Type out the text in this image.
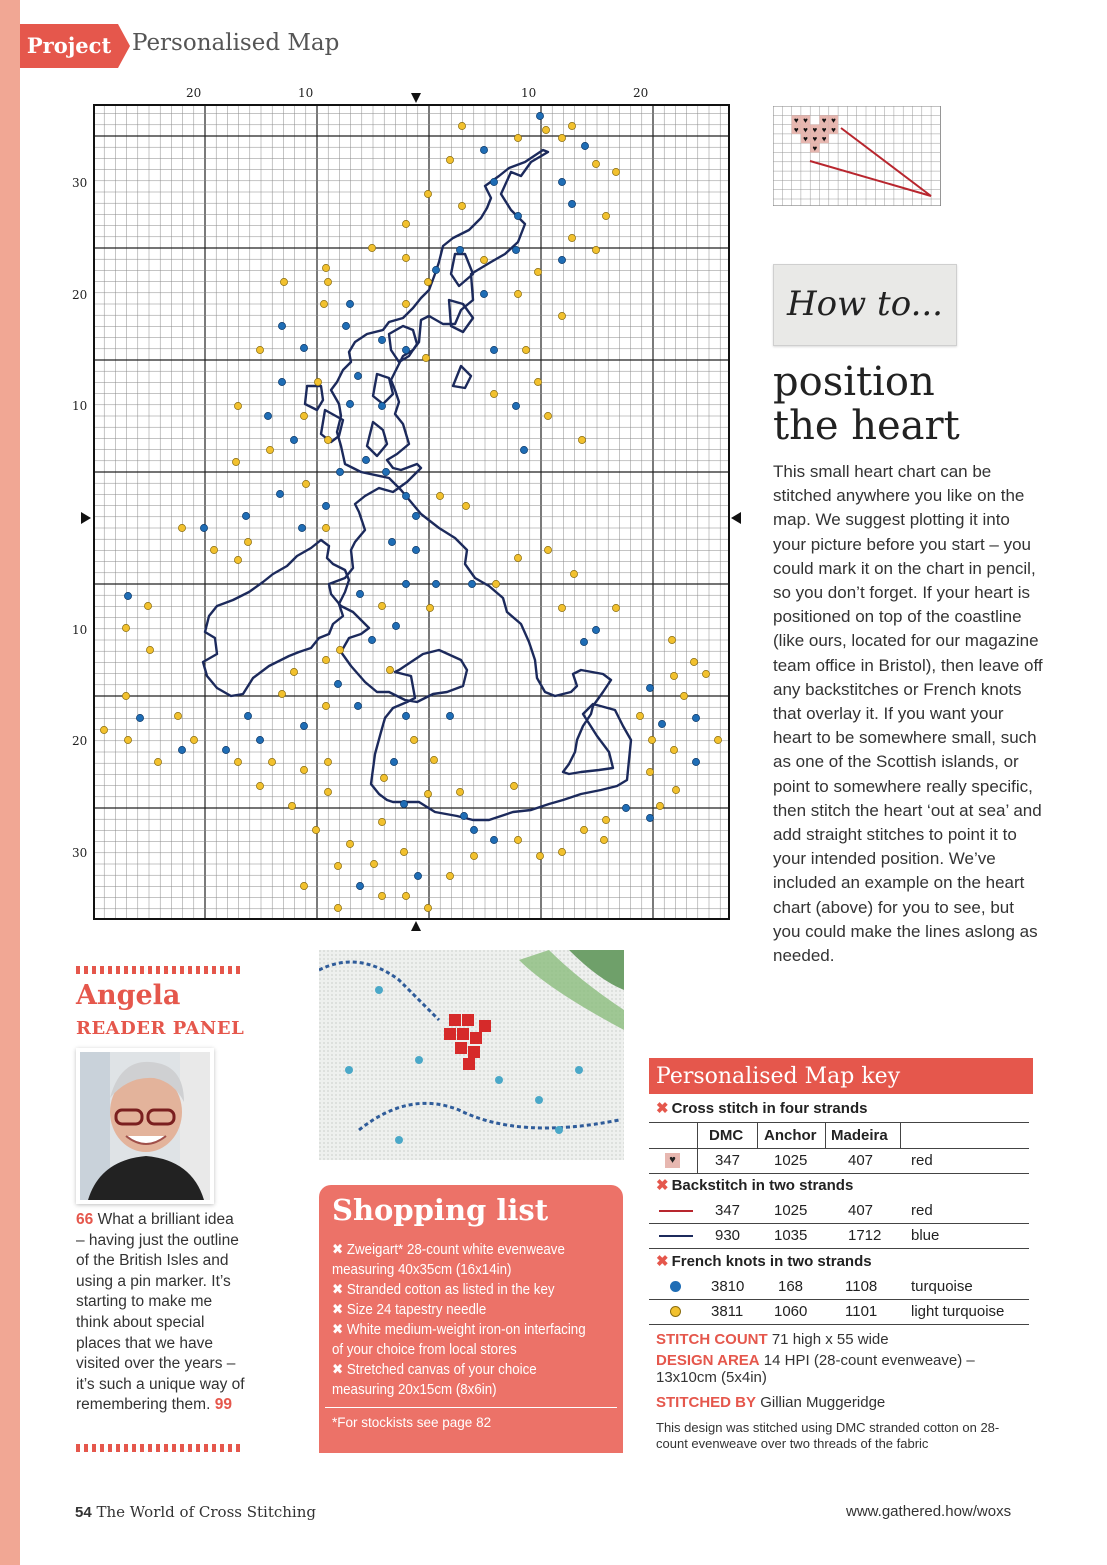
Project Personalised Map
20	10	10	20
30
20
10
10
20
30
♥ ♥ ♥ ♥
♥ ♥ ♥ ♥ ♥
♥ ♥ ♥
♥
How to...
position
the heart
This small heart chart can be stitched anywhere you like on the map. We suggest plotting it into your picture before you start – you could mark it on the chart in pencil, so you don’t forget. If your heart is positioned on top of the coastline (like ours, located for our magazine team office in Bristol), then leave off any backstitches or French knots that overlay it. If you want your heart to be somewhere small, such as one of the Scottish islands, or point to somewhere really specific, then stitch the heart ‘out at sea’ and add straight stitches to point it to your intended position. We’ve included an example on the heart chart (above) for you to see, but you could make the lines aslong as needed.
Angela
READER PANEL
66 What a brilliant idea – having just the outline of the British Isles and using a pin marker. It’s starting to make me think about special places that we have visited over the years – it’s such a unique way of remembering them. 99
Shopping list
✖ Zweigart* 28-count white evenweave measuring 40x35cm (16x14in)
✖ Stranded cotton as listed in the key
✖ Size 24 tapestry needle
✖ White medium-weight iron-on interfacing of your choice from local stores
✖ Stretched canvas of your choice measuring 20x15cm (8x6in)
*For stockists see page 82
Personalised Map key
✖ Cross stitch in four strands
DMC Anchor Madeira
♥	347 1025	407	red
✖ Backstitch in two strands
347 1025	407	red
930 1035	1712 blue
✖ French knots in two strands
3810 168	1108 turquoise
3811 1060	1101 light turquoise
STITCH COUNT 71 high x 55 wide
DESIGN AREA 14 HPI (28-count evenweave) – 13x10cm (5x4in)
STITCHED BY Gillian Muggeridge
This design was stitched using DMC stranded cotton on 28-count evenweave over two threads of the fabric
54 The World of Cross Stitching	www.gathered.how/woxs
